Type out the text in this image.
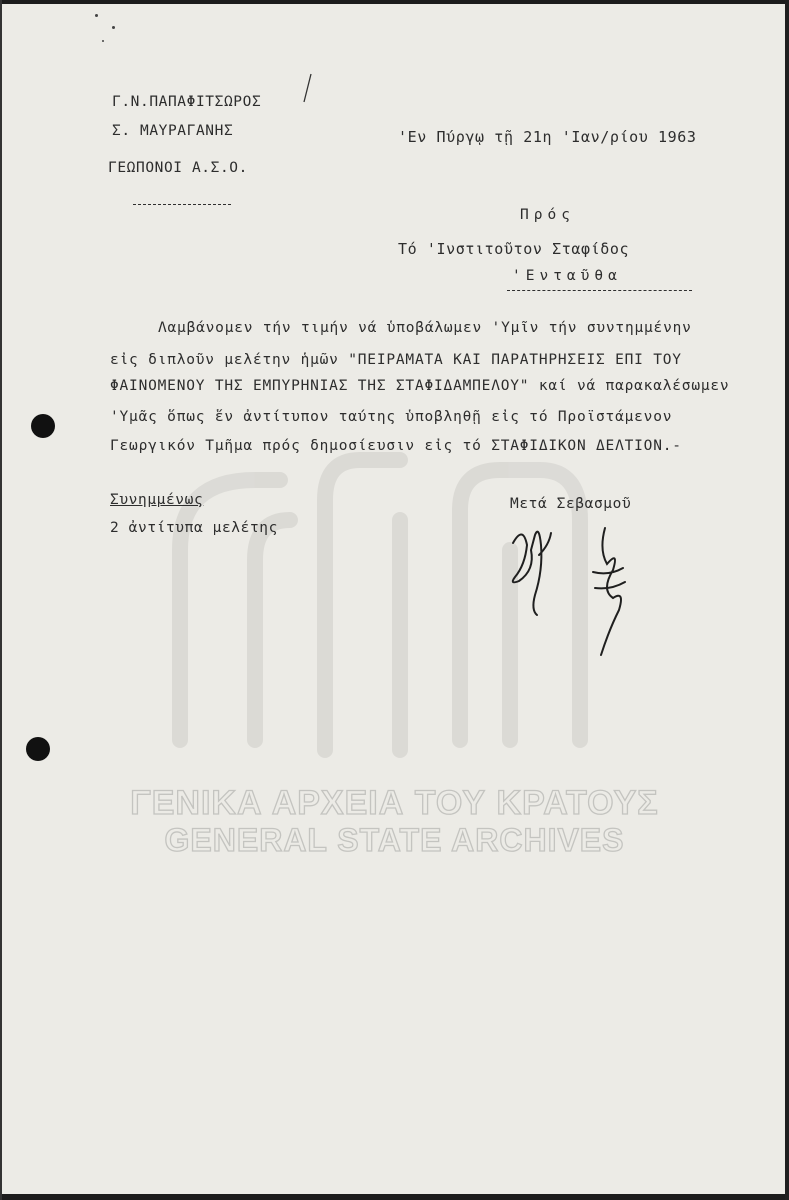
Γ.Ν.ΠΑΠΑΦΙΤΣΩΡΟΣ
Σ. ΜΑΥΡΑΓΑΝΗΣ
ΓΕΩΠΟΝΟΙ Α.Σ.Ο.
'Εν Πύργῳ τῇ 21η 'Ιαν/ρίου 1963
Πρός
Τό 'Ινστιτοῦτον Σταφίδος
'Ενταῦθα
Λαμβάνομεν τήν τιμήν νά ὑποβάλωμεν 'Υμῖν τήν συντημμένην
εἰς διπλοῦν μελέτην ἡμῶν "ΠΕΙΡΑΜΑΤΑ ΚΑΙ ΠΑΡΑΤΗΡΗΣΕΙΣ ΕΠΙ ΤΟΥ
ΦΑΙΝΟΜΕΝΟΥ ΤΗΣ ΕΜΠΥΡΗΝΙΑΣ ΤΗΣ ΣΤΑΦΙΔΑΜΠΕΛΟΥ" καί νά παρακαλέσωμεν
'Υμᾶς ὅπως ἕν ἀντίτυπον ταύτης ὑποβληθῇ εἰς τό Προϊστάμενον
Γεωργικόν Τμῆμα πρός δημοσίευσιν εἰς τό ΣΤΑΦΙΔΙΚΟΝ ΔΕΛΤΙΟΝ.-
Συνημμένως
2 ἀντίτυπα μελέτης
Μετά Σεβασμοῦ
ΓΕΝΙΚΑ ΑΡΧΕΙΑ ΤΟΥ ΚΡΑΤΟΥΣ
GENERAL STATE ARCHIVES
